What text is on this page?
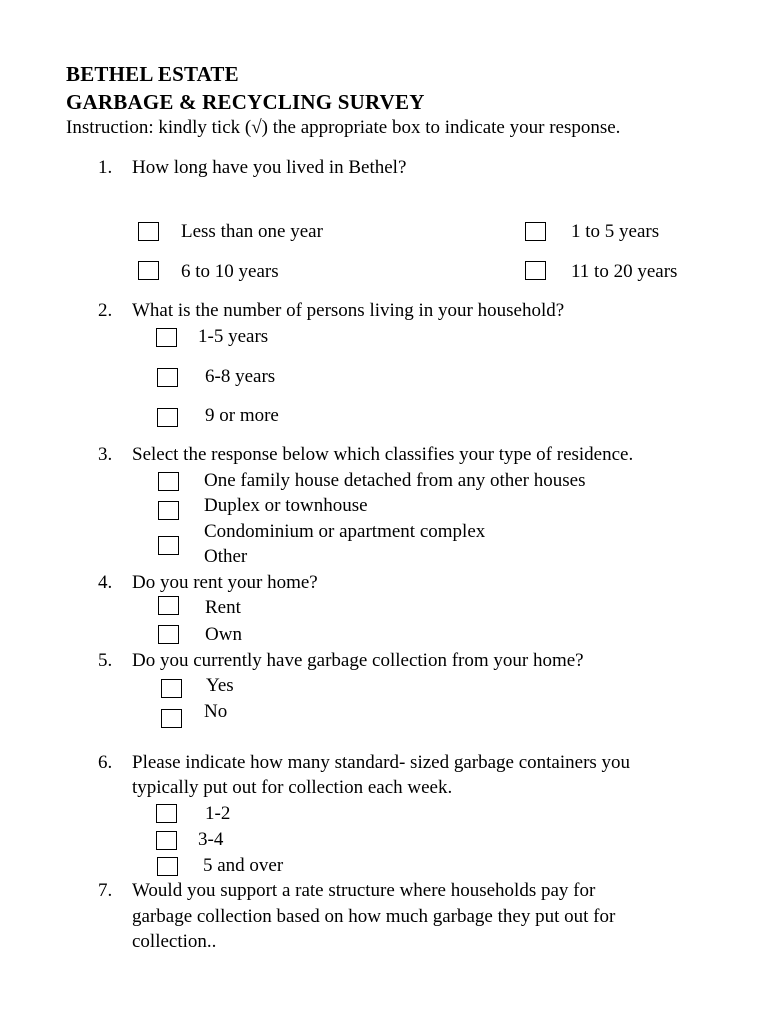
BETHEL ESTATE
GARBAGE & RECYCLING SURVEY
Instruction: kindly tick (√) the appropriate box to indicate your response.
1. How long have you lived in Bethel?
Less than one year	1 to 5 years
6 to 10 years	11 to 20 years
2. What is the number of persons living in your household?
1-5 years
6-8 years
9 or more
3. Select the response below which classifies your type of residence.
One family house detached from any other houses
Duplex or townhouse
Condominium or apartment complex
Other
4. Do you rent your home?
Rent
Own
5. Do you currently have garbage collection from your home?
Yes
No
6. Please indicate how many standard- sized garbage containers you
typically put out for collection each week.
1-2
3-4
5 and over
7. Would you support a rate structure where households pay for
garbage collection based on how much garbage they put out for
collection..
